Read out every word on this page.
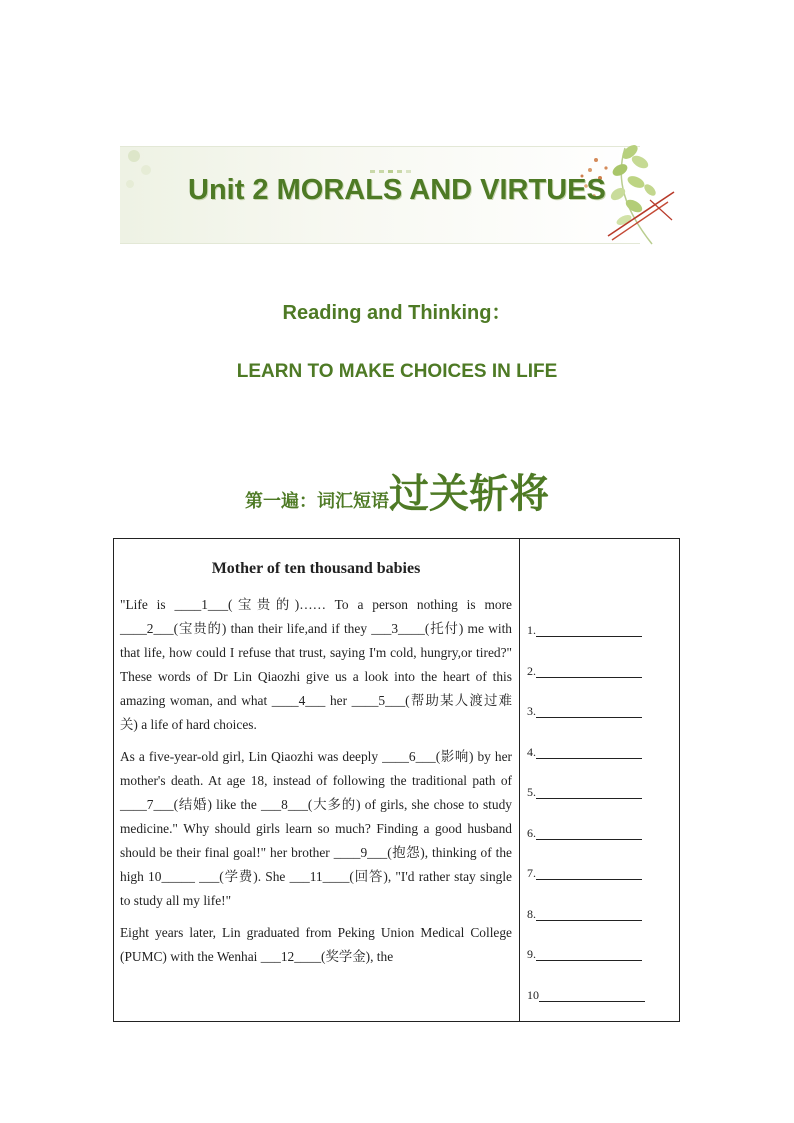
Unit 2 MORALS AND VIRTUES
Reading and Thinking：
LEARN TO MAKE CHOICES IN LIFE
第一遍：词汇短语过关斩将
Mother of ten thousand babies

"Life is ____1___(宝贵的)…… To a person nothing is more ____2___(宝贵的) than their life,and if they ___3____(托付) me with that life, how could I refuse that trust, saying I'm cold, hungry,or tired?" These words of Dr Lin Qiaozhi give us a look into the heart of this amazing woman, and what ____4___ her ____5___(帮助某人渡过难关) a life of hard choices.

As a five-year-old girl, Lin Qiaozhi was deeply ____6___(影响) by her mother's death. At age 18, instead of following the traditional path of ____7___(结婚) like the ___8___(大多的) of girls, she chose to study medicine." Why should girls learn so much? Finding a good husband should be their final goal!" her brother ____9___(抱怨), thinking of the high 10_____ ___(学费). She ___11____(回答), "I'd rather stay single to study all my life!"

Eight years later, Lin graduated from Peking Union Medical College (PUMC) with the Wenhai ___12____(奖学金), the

1.
2.
3.
4.
5.
6.
7.
8.
9.
10
